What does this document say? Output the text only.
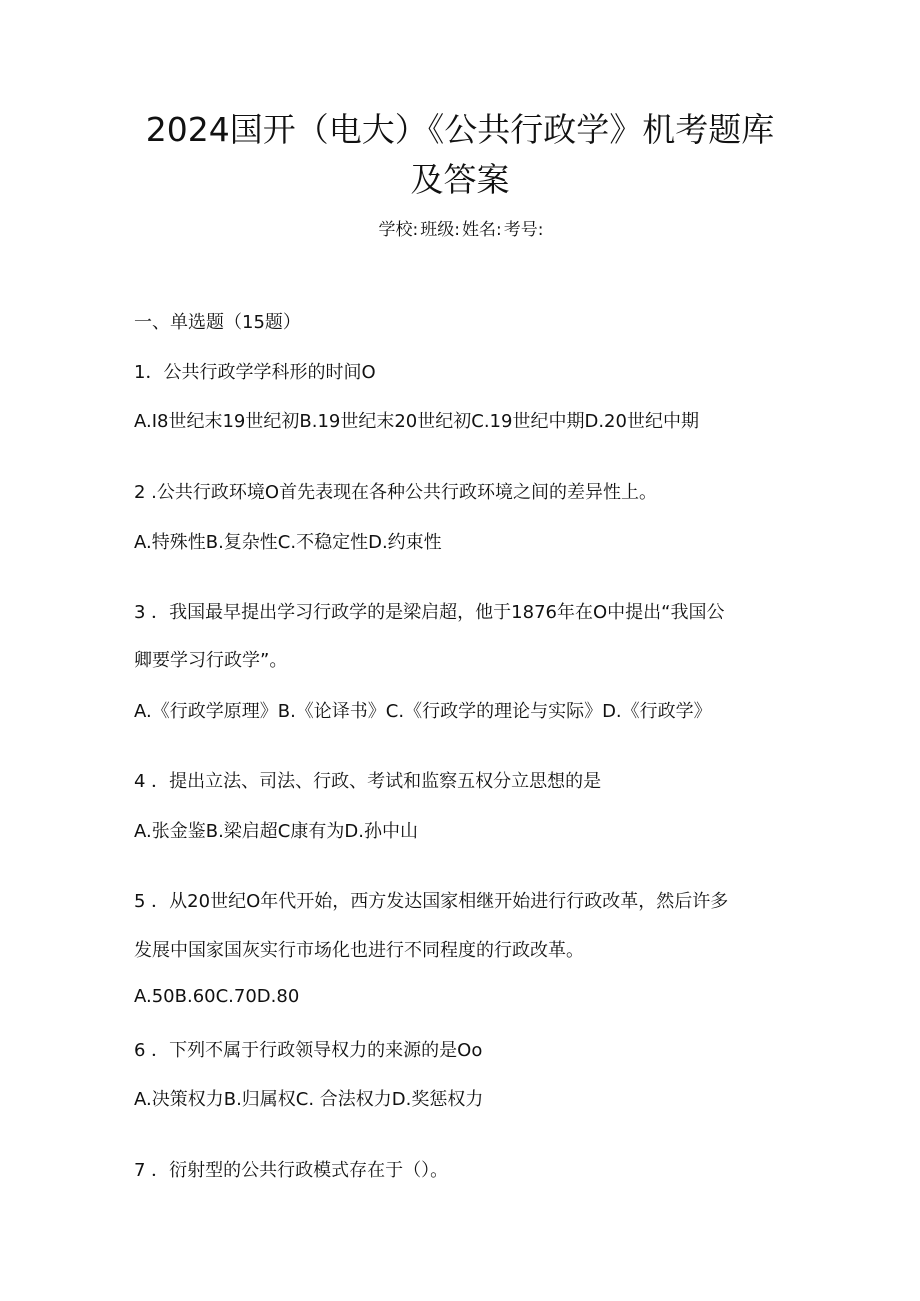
2024国开（电大）《公共行政学》机考题库
及答案
学校: 班级: 姓名: 考号:
一、单选题（15题）
1．公共行政学学科形的时间O
A.I8世纪末19世纪初B.19世纪末20世纪初C.19世纪中期D.20世纪中期
2 .公共行政环境O首先表现在各种公共行政环境之间的差异性上。
A.特殊性B.复杂性C.不稳定性D.约束性
3 ．我国最早提出学习行政学的是梁启超，他于1876年在O中提出“我国公
卿要学习行政学”。
A.《行政学原理》B.《论译书》C.《行政学的理论与实际》D.《行政学》
4 ．提出立法、司法、行政、考试和监察五权分立思想的是
A.张金鉴B.梁启超C康有为D.孙中山
5 ．从20世纪O年代开始，西方发达国家相继开始进行行政改革，然后许多
发展中国家国灰实行市场化也进行不同程度的行政改革。
A.50B.60C.70D.80
6 ．下列不属于行政领导权力的来源的是Oo
A.决策权力B.归属权C. 合法权力D.奖惩权力
7 ．衍射型的公共行政模式存在于（）。
